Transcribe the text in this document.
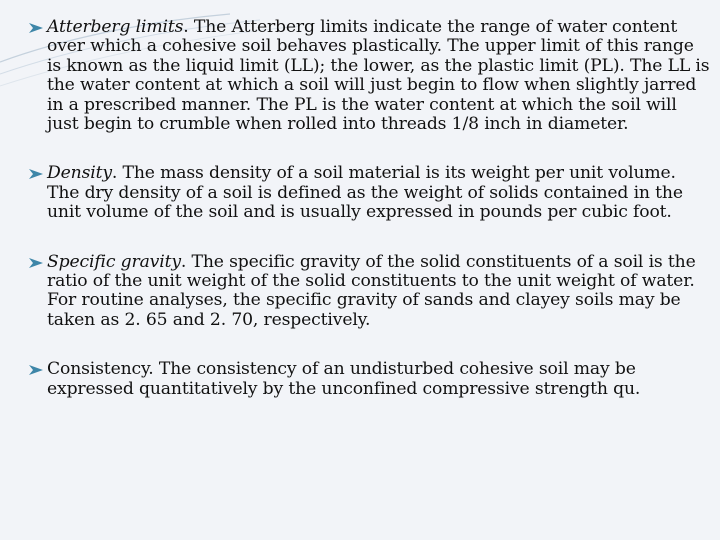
Atterberg limits. The Atterberg limits indicate the range of water content over which a cohesive soil behaves plastically. The upper limit of this range is known as the liquid limit (LL); the lower, as the plastic limit (PL). The LL is the water content at which a soil will just begin to flow when slightly jarred in a prescribed manner. The PL is the water content at which the soil will just begin to crumble when rolled into threads 1/8 inch in diameter.

Density. The mass density of a soil material is its weight per unit volume. The dry density of a soil is defined as the weight of solids contained in the unit volume of the soil and is usually expressed in pounds per cubic foot.

Specific gravity. The specific gravity of the solid constituents of a soil is the ratio of the unit weight of the solid constituents to the unit weight of water. For routine analyses, the specific gravity of sands and clayey soils may be taken as 2. 65 and 2. 70, respectively.

Consistency. The consistency of an undisturbed cohesive soil may be expressed quantitatively by the unconfined compressive strength qu.
